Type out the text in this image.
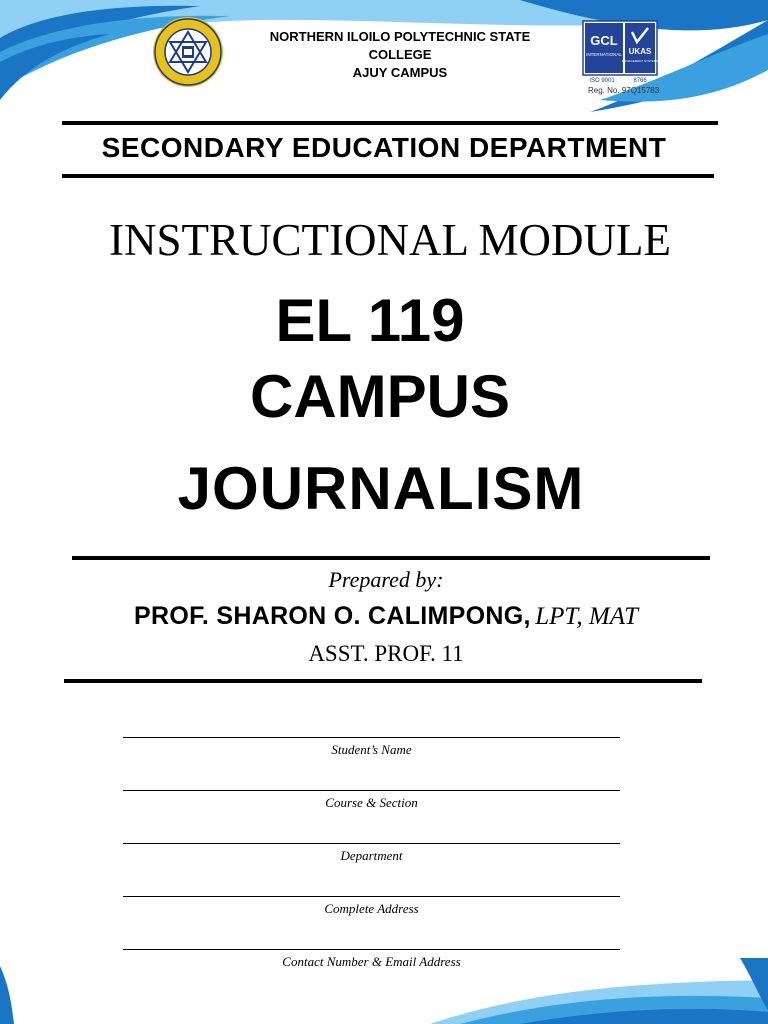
NORTHERN ILOILO POLYTECHNIC STATE
COLLEGE
AJUY CAMPUS
GCL
INTERNATIONAL UKAS
MANAGEMENT SYSTEMS
ISO 9001	8766
Reg. No. 97Q15783
SECONDARY EDUCATION DEPARTMENT
INSTRUCTIONAL MODULE
EL 119
CAMPUS
JOURNALISM
Prepared by:
PROF. SHARON O. CALIMPONG, LPT, MAT
ASST. PROF. 11
Student’s Name
Course & Section
Department
Complete Address
Contact Number & Email Address
